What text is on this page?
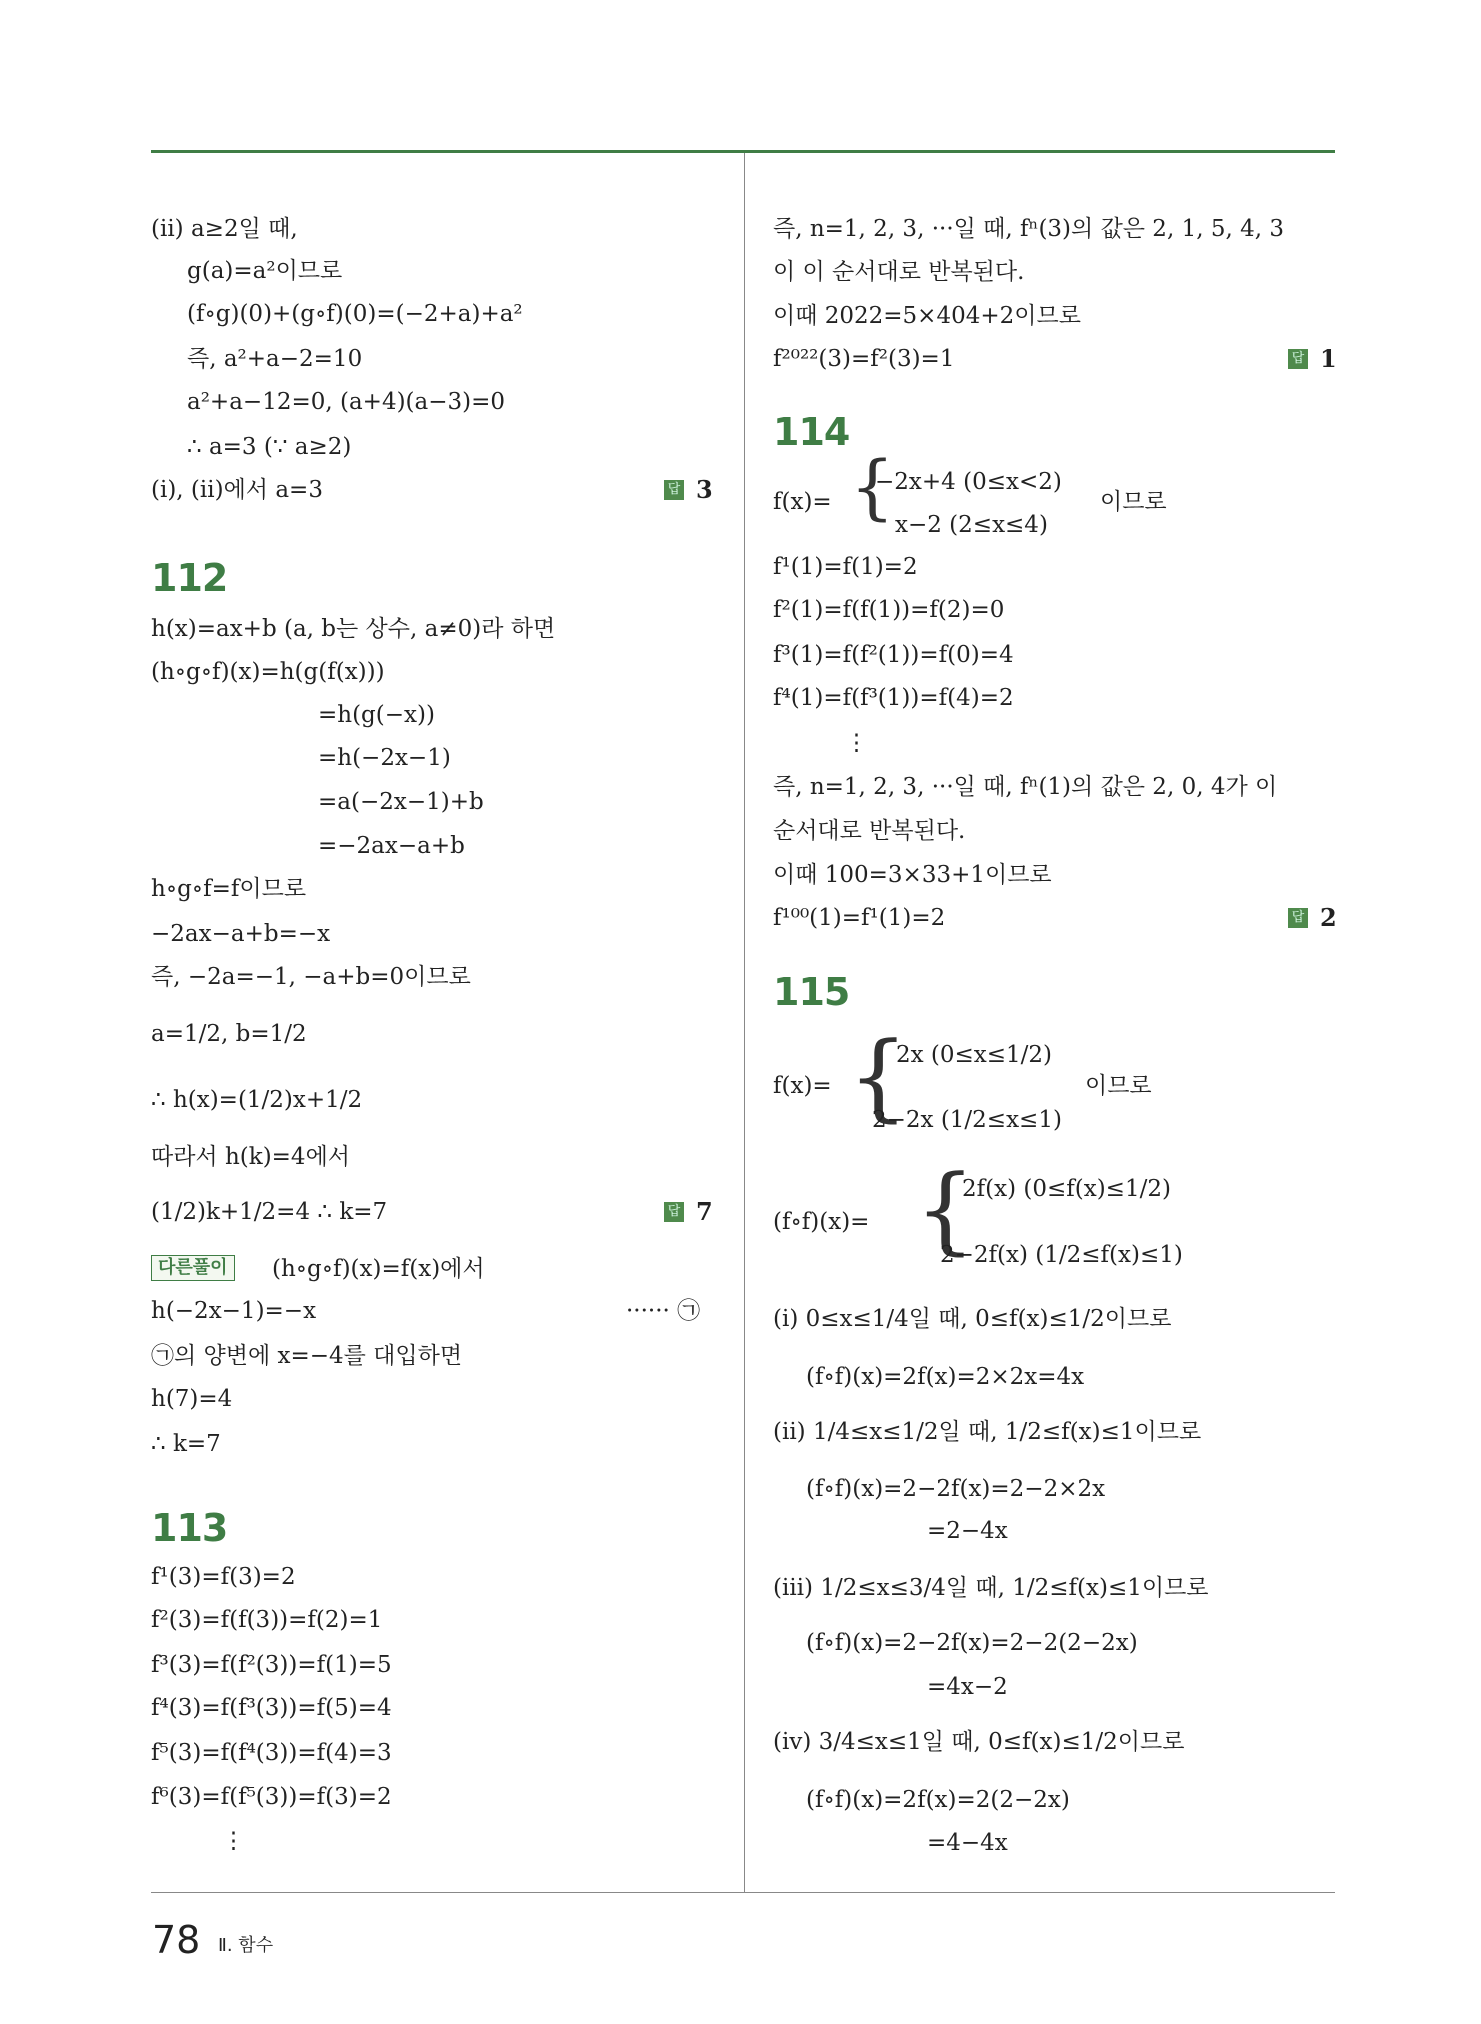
(ⅱ) a≥2일 때,
g(a)=a²이므로
(f∘g)(0)+(g∘f)(0)=(−2+a)+a²
즉, a²+a−2=10
a²+a−12=0, (a+4)(a−3)=0
∴ a=3 (∵ a≥2)
(ⅰ), (ⅱ)에서 a=3	답 3
112
h(x)=ax+b (a, b는 상수, a≠0)라 하면
(h∘g∘f)(x)=h(g(f(x)))
=h(g(−x))
=h(−2x−1)
=a(−2x−1)+b
=−2ax−a+b
h∘g∘f=f이므로
−2ax−a+b=−x
즉, −2a=−1, −a+b=0이므로
a=1/2, b=1/2
∴ h(x)=(1/2)x+1/2
따라서 h(k)=4에서
(1/2)k+1/2=4 ∴ k=7	답 7
다른풀이	(h∘g∘f)(x)=f(x)에서
h(−2x−1)=−x	······ ㉠
㉠의 양변에 x=−4를 대입하면
h(7)=4
∴ k=7
113
f¹(3)=f(3)=2
f²(3)=f(f(3))=f(2)=1
f³(3)=f(f²(3))=f(1)=5
f⁴(3)=f(f³(3))=f(5)=4
f⁵(3)=f(f⁴(3))=f(4)=3
f⁶(3)=f(f⁵(3))=f(3)=2
⋮
즉, n=1, 2, 3, ···일 때, fⁿ(3)의 값은 2, 1, 5, 4, 3
이 이 순서대로 반복된다.
이때 2022=5×404+2이므로
f²⁰²²(3)=f²(3)=1	답 1
114
f(x)= {
−2x+4 (0≤x<2)
x−2 (2≤x≤4)
이므로
f¹(1)=f(1)=2
f²(1)=f(f(1))=f(2)=0
f³(1)=f(f²(1))=f(0)=4
f⁴(1)=f(f³(1))=f(4)=2
⋮
즉, n=1, 2, 3, ···일 때, fⁿ(1)의 값은 2, 0, 4가 이
순서대로 반복된다.
이때 100=3×33+1이므로
f¹⁰⁰(1)=f¹(1)=2	답 2
115
f(x)= {
2x (0≤x≤1/2)
2−2x (1/2≤x≤1)
이므로
(f∘f)(x)= {
2f(x) (0≤f(x)≤1/2)
2−2f(x) (1/2≤f(x)≤1)
(ⅰ) 0≤x≤1/4일 때, 0≤f(x)≤1/2이므로
(f∘f)(x)=2f(x)=2×2x=4x
(ⅱ) 1/4≤x≤1/2일 때, 1/2≤f(x)≤1이므로
(f∘f)(x)=2−2f(x)=2−2×2x
=2−4x
(ⅲ) 1/2≤x≤3/4일 때, 1/2≤f(x)≤1이므로
(f∘f)(x)=2−2f(x)=2−2(2−2x)
=4x−2
(ⅳ) 3/4≤x≤1일 때, 0≤f(x)≤1/2이므로
(f∘f)(x)=2f(x)=2(2−2x)
=4−4x
78 Ⅱ. 함수
